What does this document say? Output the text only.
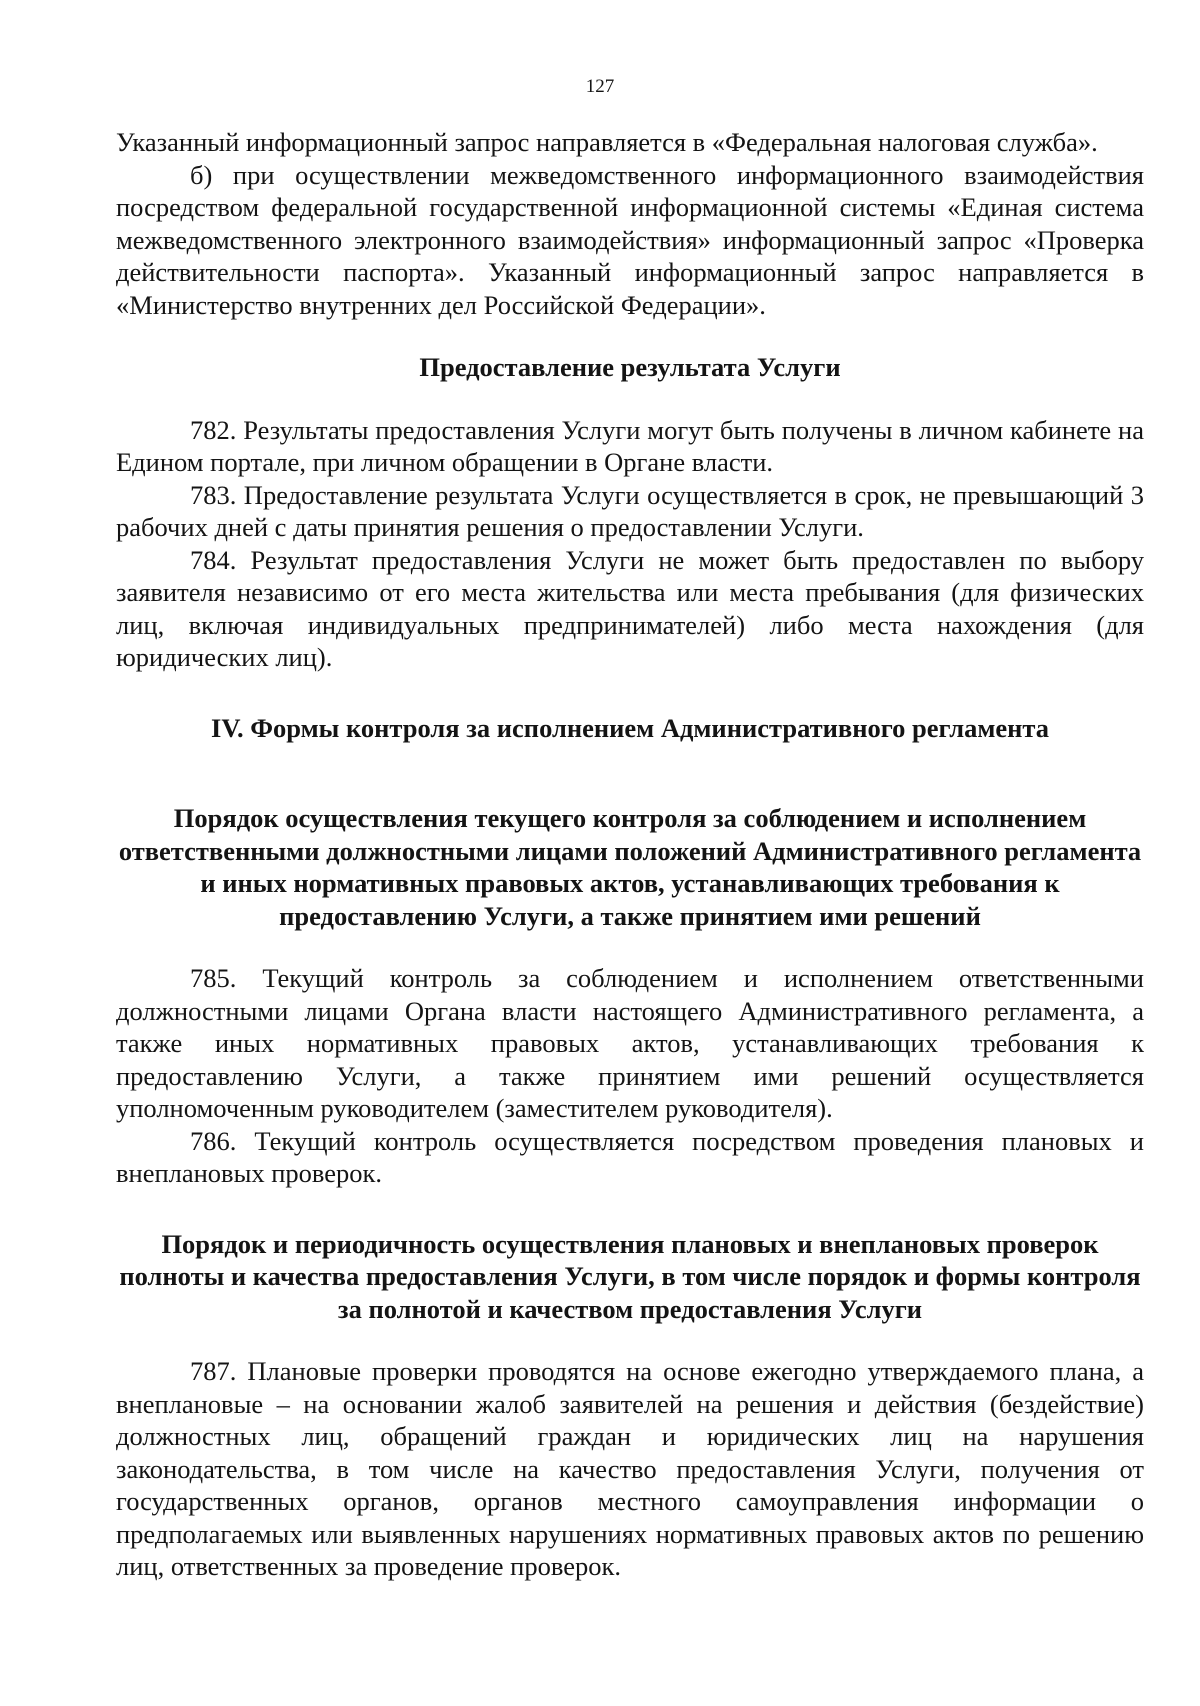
127

Указанный информационный запрос направляется в «Федеральная налоговая служба».

б) при осуществлении межведомственного информационного взаимодействия посредством федеральной государственной информационной системы «Единая система межведомственного электронного взаимодействия» информационный запрос «Проверка действительности паспорта». Указанный информационный запрос направляется в «Министерство внутренних дел Российской Федерации».

Предоставление результата Услуги

782. Результаты предоставления Услуги могут быть получены в личном кабинете на Едином портале, при личном обращении в Органе власти.

783. Предоставление результата Услуги осуществляется в срок, не превышающий 3 рабочих дней с даты принятия решения о предоставлении Услуги.

784. Результат предоставления Услуги не может быть предоставлен по выбору заявителя независимо от его места жительства или места пребывания (для физических лиц, включая индивидуальных предпринимателей) либо места нахождения (для юридических лиц).

IV. Формы контроля за исполнением Административного регламента
Порядок осуществления текущего контроля за соблюдением и исполнением ответственными должностными лицами положений Административного регламента и иных нормативных правовых актов, устанавливающих требования к предоставлению Услуги, а также принятием ими решений

785. Текущий контроль за соблюдением и исполнением ответственными должностными лицами Органа власти настоящего Административного регламента, а также иных нормативных правовых актов, устанавливающих требования к предоставлению Услуги, а также принятием ими решений осуществляется уполномоченным руководителем (заместителем руководителя).

786. Текущий контроль осуществляется посредством проведения плановых и внеплановых проверок.

Порядок и периодичность осуществления плановых и внеплановых проверок полноты и качества предоставления Услуги, в том числе порядок и формы контроля за полнотой и качеством предоставления Услуги

787. Плановые проверки проводятся на основе ежегодно утверждаемого плана, а внеплановые – на основании жалоб заявителей на решения и действия (бездействие) должностных лиц, обращений граждан и юридических лиц на нарушения законодательства, в том числе на качество предоставления Услуги, получения от государственных органов, органов местного самоуправления информации о предполагаемых или выявленных нарушениях нормативных правовых актов по решению лиц, ответственных за проведение проверок.
